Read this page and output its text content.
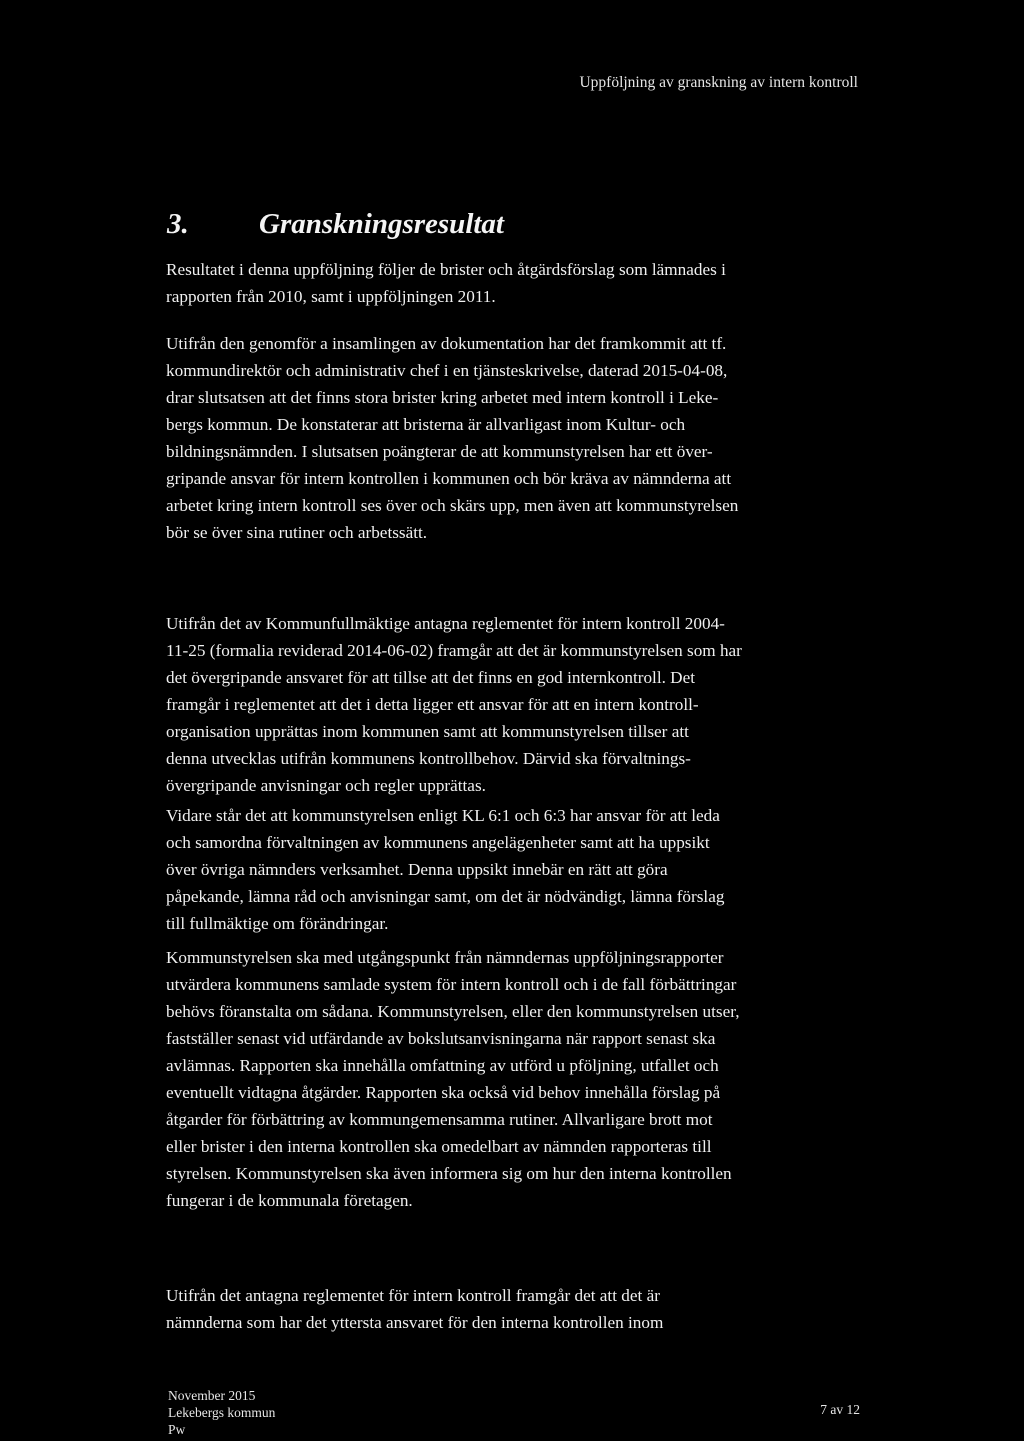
Uppföljning av granskning av intern kontroll
3. Granskningsresultat

Resultatet i denna uppföljning följer de brister och åtgärdsförslag som lämnades i
rapporten från 2010, samt i uppföljningen 2011.

Utifrån den genomför a insamlingen av dokumentation har det framkommit att tf.
kommundirektör och administrativ chef i en tjänsteskrivelse, daterad 2015-04-08,
drar slutsatsen att det finns stora brister kring arbetet med intern kontroll i Leke-
bergs kommun. De konstaterar att bristerna är allvarligast inom Kultur- och
bildningsnämnden. I slutsatsen poängterar de att kommunstyrelsen har ett över-
gripande ansvar för intern kontrollen i kommunen och bör kräva av nämnderna att
arbetet kring intern kontroll ses över och skärs upp, men även att kommunstyrelsen
bör se över sina rutiner och arbetssätt.

Utifrån det av Kommunfullmäktige antagna reglementet för intern kontroll 2004-
11-25 (formalia reviderad 2014-06-02) framgår att det är kommunstyrelsen som har
det övergripande ansvaret för att tillse att det finns en god internkontroll. Det
framgår i reglementet att det i detta ligger ett ansvar för att en intern kontroll-
organisation upprättas inom kommunen samt att kommunstyrelsen tillser att
denna utvecklas utifrån kommunens kontrollbehov. Därvid ska förvaltnings-
övergripande anvisningar och regler upprättas.

Vidare står det att kommunstyrelsen enligt KL 6:1 och 6:3 har ansvar för att leda
och samordna förvaltningen av kommunens angelägenheter samt att ha uppsikt
över övriga nämnders verksamhet. Denna uppsikt innebär en rätt att göra
påpekande, lämna råd och anvisningar samt, om det är nödvändigt, lämna förslag
till fullmäktige om förändringar.

Kommunstyrelsen ska med utgångspunkt från nämndernas uppföljningsrapporter
utvärdera kommunens samlade system för intern kontroll och i de fall förbättringar
behövs föranstalta om sådana. Kommunstyrelsen, eller den kommunstyrelsen utser,
fastställer senast vid utfärdande av bokslutsanvisningarna när rapport senast ska
avlämnas. Rapporten ska innehålla omfattning av utförd u pföljning, utfallet och
eventuellt vidtagna åtgärder. Rapporten ska också vid behov innehålla förslag på
åtgarder för förbättring av kommungemensamma rutiner. Allvarligare brott mot
eller brister i den interna kontrollen ska omedelbart av nämnden rapporteras till
styrelsen. Kommunstyrelsen ska även informera sig om hur den interna kontrollen
fungerar i de kommunala företagen.

Utifrån det antagna reglementet för intern kontroll framgår det att det är
nämnderna som har det yttersta ansvaret för den interna kontrollen inom

November 2015
Lekebergs kommun
Pw
7 av 12
